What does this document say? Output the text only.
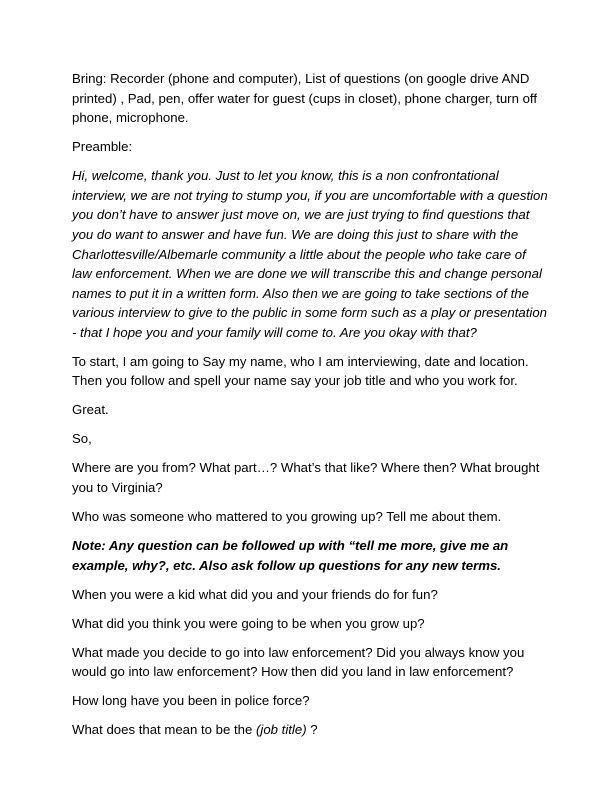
Bring: Recorder (phone and computer), List of questions (on google drive AND printed) , Pad, pen, offer water for guest (cups in closet), phone charger, turn off phone, microphone.

Preamble:

Hi, welcome, thank you. Just to let you know, this is a non confrontational interview, we are not trying to stump you, if you are uncomfortable with a question you don’t have to answer just move on, we are just trying to find questions that you do want to answer and have fun. We are doing this just to share with the Charlottesville/Albemarle community a little about the people who take care of law enforcement. When we are done we will transcribe this and change personal names to put it in a written form. Also then we are going to take sections of the various interview to give to the public in some form such as a play or presentation - that I hope you and your family will come to. Are you okay with that?

To start, I am going to Say my name, who I am interviewing, date and location. Then you follow and spell your name say your job title and who you work for.

Great.

So,

Where are you from? What part…? What’s that like? Where then? What brought you to Virginia?

Who was someone who mattered to you growing up? Tell me about them.

Note: Any question can be followed up with “tell me more, give me an example, why?, etc. Also ask follow up questions for any new terms.

When you were a kid what did you and your friends do for fun?

What did you think you were going to be when you grow up?

What made you decide to go into law enforcement? Did you always know you would go into law enforcement? How then did you land in law enforcement?

How long have you been in police force?

What does that mean to be the (job title) ?
